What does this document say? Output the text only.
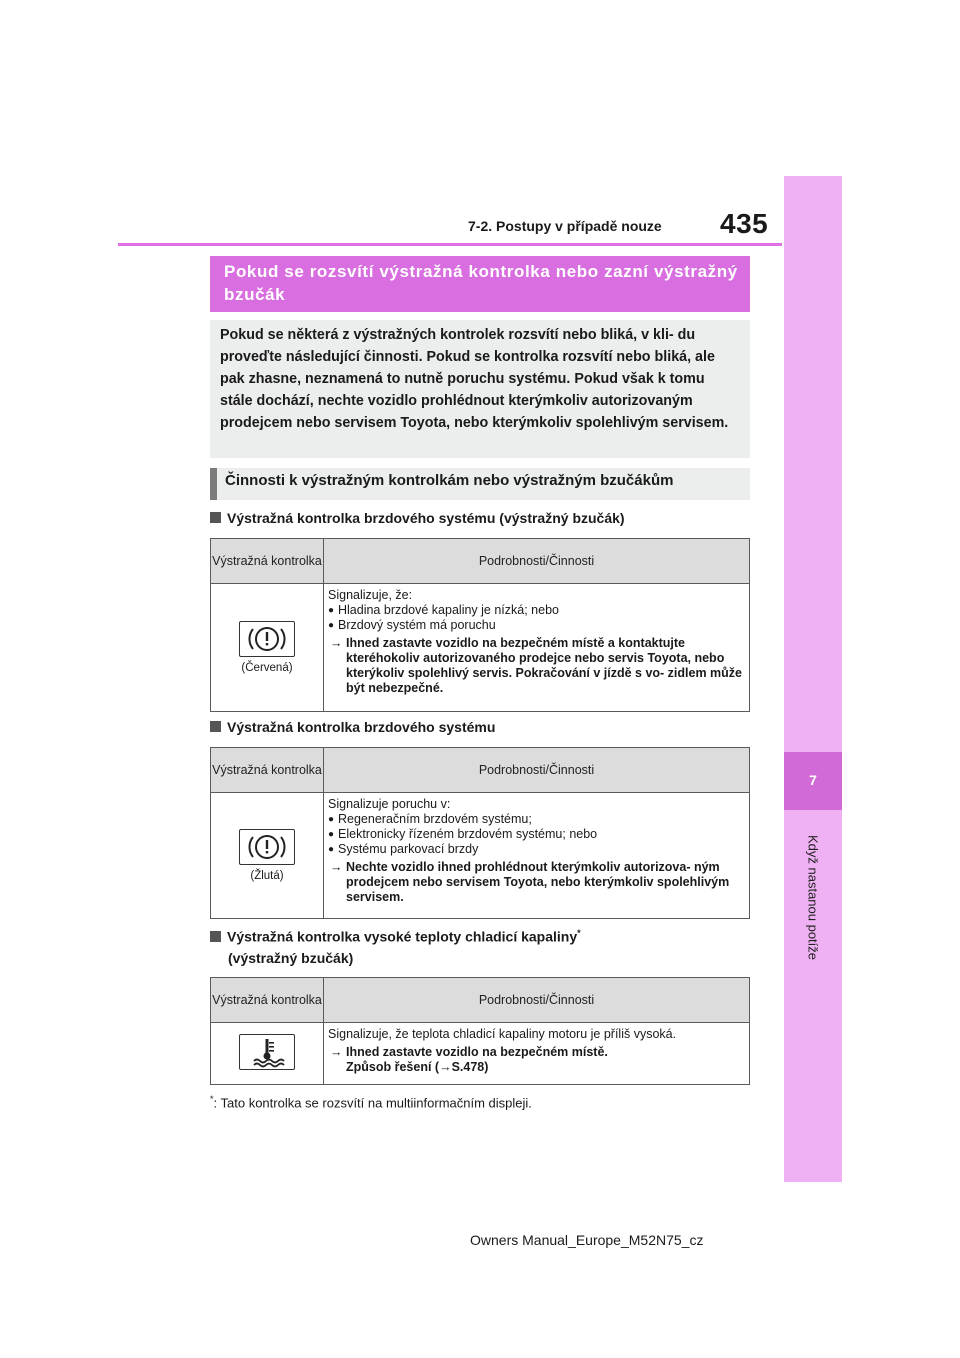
7-2. Postupy v případě nouze 435
7
Když nastanou potíže
Pokud se rozsvítí výstražná kontrolka nebo zazní výstražný bzučák
Pokud se některá z výstražných kontrolek rozsvítí nebo bliká, v kli- du proveďte následující činnosti. Pokud se kontrolka rozsvítí nebo bliká, ale pak zhasne, neznamená to nutně poruchu systému. Pokud však k tomu stále dochází, nechte vozidlo prohlédnout kterýmkoliv autorizovaným prodejcem nebo servisem Toyota, nebo kterýmkoliv spolehlivým servisem.
Činnosti k výstražným kontrolkám nebo výstražným bzučákům
Výstražná kontrolka brzdového systému (výstražný bzučák)
Výstražná kontrolka	Podrobnosti/Činnosti

(Červená)	Signalizuje, že:
● Hladina brzdové kapaliny je nízká; nebo
● Brzdový systém má poruchu
→ Ihned zastavte vozidlo na bezpečném místě a kontaktujte kteréhokoliv autorizovaného prodejce nebo servis Toyota, nebo kterýkoliv spolehlivý servis. Pokračování v jízdě s vo- zidlem může být nebezpečné.
Výstražná kontrolka brzdového systému
Výstražná kontrolka	Podrobnosti/Činnosti

(Žlutá)	Signalizuje poruchu v:
● Regeneračním brzdovém systému;
● Elektronicky řízeném brzdovém systému; nebo
● Systému parkovací brzdy
→ Nechte vozidlo ihned prohlédnout kterýmkoliv autorizova- ným prodejcem nebo servisem Toyota, nebo kterýmkoliv spolehlivým servisem.
Výstražná kontrolka vysoké teploty chladicí kapaliny*
(výstražný bzučák)
Výstražná kontrolka	Podrobnosti/Činnosti

Signalizuje, že teplota chladicí kapaliny motoru je příliš vysoká.
→ Ihned zastavte vozidlo na bezpečném místě.
Způsob řešení (→S.478)
*: Tato kontrolka se rozsvítí na multiinformačním displeji.
Owners Manual_Europe_M52N75_cz
